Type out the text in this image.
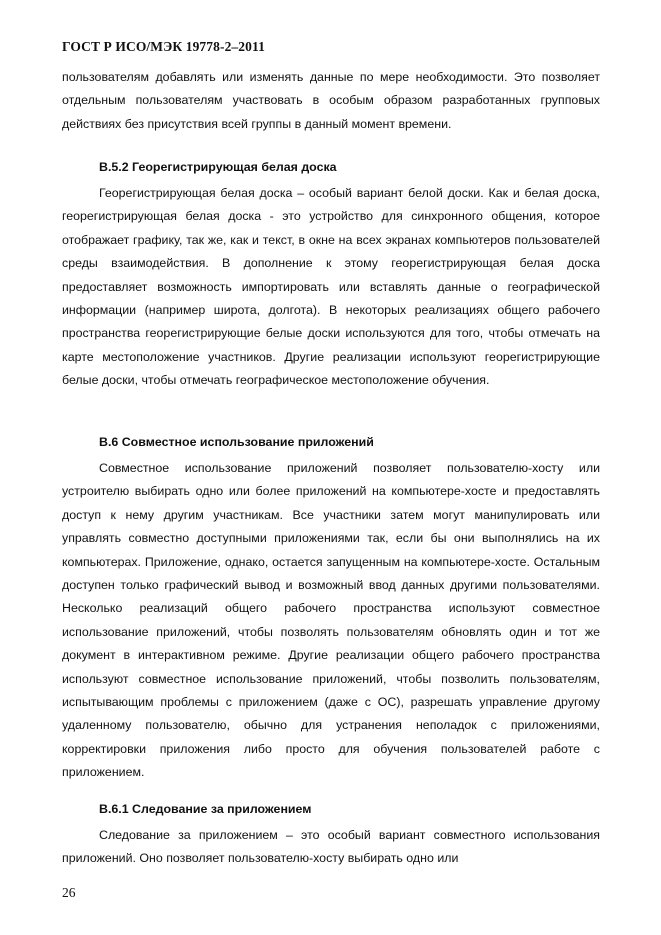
ГОСТ Р ИСО/МЭК 19778-2–2011

пользователям добавлять или изменять данные по мере необходимости. Это позволяет отдельным пользователям участвовать в особым образом разработанных групповых действиях без присутствия всей группы в данный момент времени.

В.5.2 Георегистрирующая белая доска

Георегистрирующая белая доска – особый вариант белой доски. Как и белая доска, георегистрирующая белая доска - это устройство для синхронного общения, которое отображает графику, так же, как и текст, в окне на всех экранах компьютеров пользователей среды взаимодействия. В дополнение к этому георегистрирующая белая доска предоставляет возможность импортировать или вставлять данные о географической информации (например широта, долгота). В некоторых реализациях общего рабочего пространства георегистрирующие белые доски используются для того, чтобы отмечать на карте местоположение участников. Другие реализации используют георегистрирующие белые доски, чтобы отмечать географическое местоположение обучения.

В.6 Совместное использование приложений

Совместное использование приложений позволяет пользователю-хосту или устроителю выбирать одно или более приложений на компьютере-хосте и предоставлять доступ к нему другим участникам. Все участники затем могут манипулировать или управлять совместно доступными приложениями так, если бы они выполнялись на их компьютерах. Приложение, однако, остается запущенным на компьютере-хосте. Остальным доступен только графический вывод и возможный ввод данных другими пользователями. Несколько реализаций общего рабочего пространства используют совместное использование приложений, чтобы позволять пользователям обновлять один и тот же документ в интерактивном режиме. Другие реализации общего рабочего пространства используют совместное использование приложений, чтобы позволить пользователям, испытывающим проблемы с приложением (даже с ОС), разрешать управление другому удаленному пользователю, обычно для устранения неполадок с приложениями, корректировки приложения либо просто для обучения пользователей работе с приложением.

В.6.1 Следование за приложением

Следование за приложением – это особый вариант совместного использования приложений. Оно позволяет пользователю-хосту выбирать одно или

26
